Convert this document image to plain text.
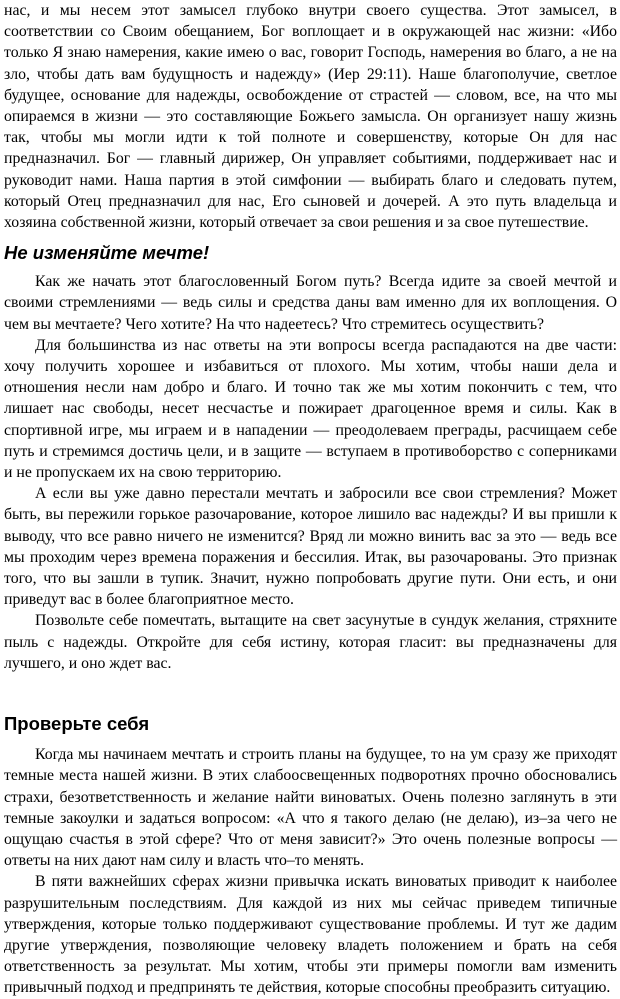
нас, и мы несем этот замысел глубоко внутри своего существа. Этот замысел, в соответствии со Своим обещанием, Бог воплощает и в окружающей нас жизни: «Ибо только Я знаю намерения, какие имею о вас, говорит Господь, намерения во благо, а не на зло, чтобы дать вам будущность и надежду» (Иер 29:11). Наше благополучие, светлое будущее, основание для надежды, освобождение от страстей — словом, все, на что мы опираемся в жизни — это составляющие Божьего замысла. Он организует нашу жизнь так, чтобы мы могли идти к той полноте и совершенству, которые Он для нас предназначил. Бог — главный дирижер, Он управляет событиями, поддерживает нас и руководит нами. Наша партия в этой симфонии — выбирать благо и следовать путем, который Отец предназначил для нас, Его сыновей и дочерей. А это путь владельца и хозяина собственной жизни, который отвечает за свои решения и за свое путешествие.

Не изменяйте мечте!

Как же начать этот благословенный Богом путь? Всегда идите за своей мечтой и своими стремлениями — ведь силы и средства даны вам именно для их воплощения. О чем вы мечтаете? Чего хотите? На что надеетесь? Что стремитесь осуществить?

Для большинства из нас ответы на эти вопросы всегда распадаются на две части: хочу получить хорошее и избавиться от плохого. Мы хотим, чтобы наши дела и отношения несли нам добро и благо. И точно так же мы хотим покончить с тем, что лишает нас свободы, несет несчастье и пожирает драгоценное время и силы. Как в спортивной игре, мы играем и в нападении — преодолеваем преграды, расчищаем себе путь и стремимся достичь цели, и в защите — вступаем в противоборство с соперниками и не пропускаем их на свою территорию.

А если вы уже давно перестали мечтать и забросили все свои стремления? Может быть, вы пережили горькое разочарование, которое лишило вас надежды? И вы пришли к выводу, что все равно ничего не изменится? Вряд ли можно винить вас за это — ведь все мы проходим через времена поражения и бессилия. Итак, вы разочарованы. Это признак того, что вы зашли в тупик. Значит, нужно попробовать другие пути. Они есть, и они приведут вас в более благоприятное место.

Позвольте себе помечтать, вытащите на свет засунутые в сундук желания, стряхните пыль с надежды. Откройте для себя истину, которая гласит: вы предназначены для лучшего, и оно ждет вас.

Проверьте себя

Когда мы начинаем мечтать и строить планы на будущее, то на ум сразу же приходят темные места нашей жизни. В этих слабоосвещенных подворотнях прочно обосновались страхи, безответственность и желание найти виноватых. Очень полезно заглянуть в эти темные закоулки и задаться вопросом: «А что я такого делаю (не делаю), из–за чего не ощущаю счастья в этой сфере? Что от меня зависит?» Это очень полезные вопросы — ответы на них дают нам силу и власть что–то менять.

В пяти важнейших сферах жизни привычка искать виноватых приводит к наиболее разрушительным последствиям. Для каждой из них мы сейчас приведем типичные утверждения, которые только поддерживают существование проблемы. И тут же дадим другие утверждения, позволяющие человеку владеть положением и брать на себя ответственность за результат. Мы хотим, чтобы эти примеры помогли вам изменить привычный подход и предпринять те действия, которые способны преобразить ситуацию.
